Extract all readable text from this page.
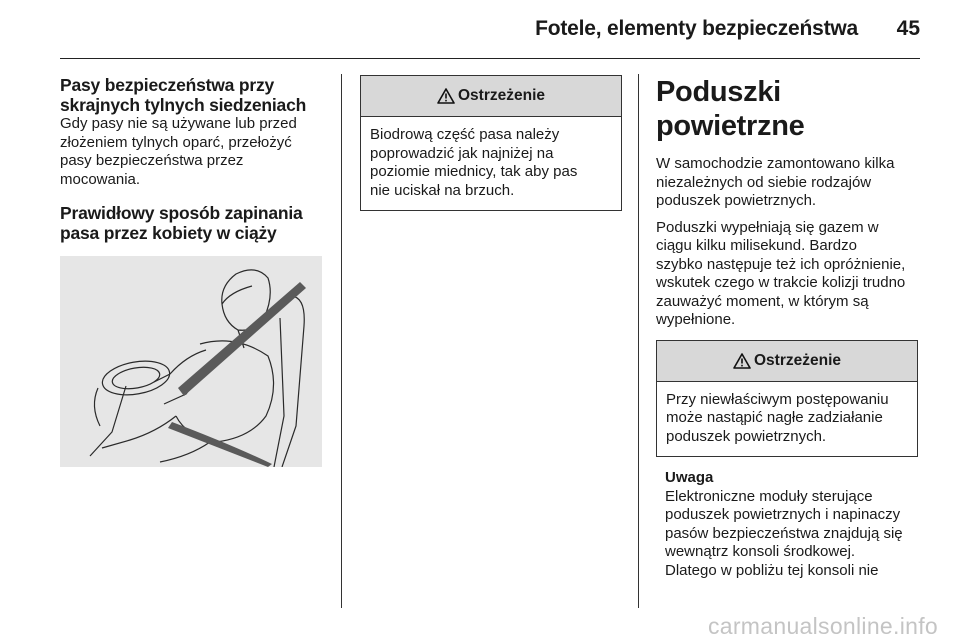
Fotele, elementy bezpieczeństwa 45

Pasy bezpieczeństwa przy
skrajnych tylnych siedzeniach

Gdy pasy nie są używane lub przed
złożeniem tylnych oparć, przełożyć
pasy bezpieczeństwa przez
mocowania.

Prawidłowy sposób zapinania
pasa przez kobiety w ciąży

Ostrzeżenie
Biodrową część pasa należy
poprowadzić jak najniżej na
poziomie miednicy, tak aby pas
nie uciskał na brzuch.

Poduszki powietrzne

W samochodzie zamontowano kilka
niezależnych od siebie rodzajów
poduszek powietrznych.

Poduszki wypełniają się gazem w
ciągu kilku milisekund. Bardzo
szybko następuje też ich opróżnienie,
wskutek czego w trakcie kolizji trudno
zauważyć moment, w którym są
wypełnione.

Ostrzeżenie
Przy niewłaściwym postępowaniu
może nastąpić nagłe zadziałanie
poduszek powietrznych.

Uwaga

Elektroniczne moduły sterujące
poduszek powietrznych i napinaczy
pasów bezpieczeństwa znajdują się
wewnątrz konsoli środkowej.
Dlatego w pobliżu tej konsoli nie

carmanualsonline.info
